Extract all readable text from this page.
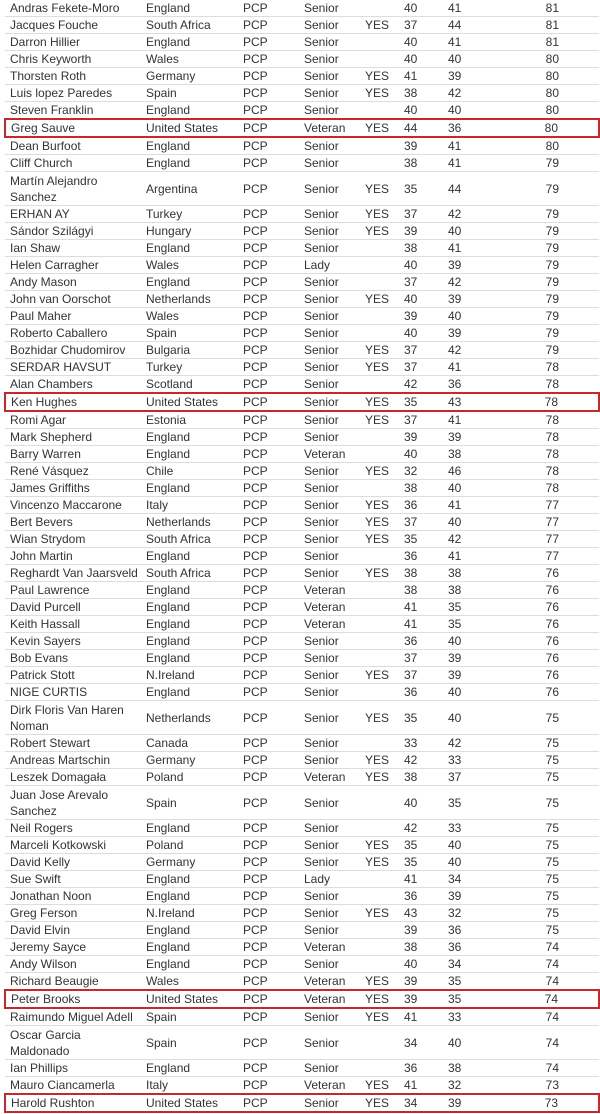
Andras Fekete-Moro	England	PCP	Senior		40	41	81
Jacques Fouche	South Africa	PCP	Senior	YES	37	44	81
Darron Hillier	England	PCP	Senior		40	41	81
Chris Keyworth	Wales	PCP	Senior		40	40	80
Thorsten Roth	Germany	PCP	Senior	YES	41	39	80
Luis lopez Paredes	Spain	PCP	Senior	YES	38	42	80
Steven Franklin	England	PCP	Senior		40	40	80
Greg Sauve	United States	PCP	Veteran	YES	44	36	80
Dean Burfoot	England	PCP	Senior		39	41	80
Cliff Church	England	PCP	Senior		38	41	79
Martín Alejandro Sanchez	Argentina	PCP	Senior	YES	35	44	79
ERHAN AY	Turkey	PCP	Senior	YES	37	42	79
Sándor Szilágyi	Hungary	PCP	Senior	YES	39	40	79
Ian Shaw	England	PCP	Senior		38	41	79
Helen Carragher	Wales	PCP	Lady		40	39	79
Andy Mason	England	PCP	Senior		37	42	79
John van Oorschot	Netherlands	PCP	Senior	YES	40	39	79
Paul Maher	Wales	PCP	Senior		39	40	79
Roberto Caballero	Spain	PCP	Senior		40	39	79
Bozhidar Chudomirov	Bulgaria	PCP	Senior	YES	37	42	79
SERDAR HAVSUT	Turkey	PCP	Senior	YES	37	41	78
Alan Chambers	Scotland	PCP	Senior		42	36	78
Ken Hughes	United States	PCP	Senior	YES	35	43	78
Romi Agar	Estonia	PCP	Senior	YES	37	41	78
Mark Shepherd	England	PCP	Senior		39	39	78
Barry Warren	England	PCP	Veteran		40	38	78
René Vásquez	Chile	PCP	Senior	YES	32	46	78
James Griffiths	England	PCP	Senior		38	40	78
Vincenzo Maccarone	Italy	PCP	Senior	YES	36	41	77
Bert Bevers	Netherlands	PCP	Senior	YES	37	40	77
Wian Strydom	South Africa	PCP	Senior	YES	35	42	77
John Martin	England	PCP	Senior		36	41	77
Reghardt Van Jaarsveld	South Africa	PCP	Senior	YES	38	38	76
Paul Lawrence	England	PCP	Veteran		38	38	76
David Purcell	England	PCP	Veteran		41	35	76
Keith Hassall	England	PCP	Veteran		41	35	76
Kevin Sayers	England	PCP	Senior		36	40	76
Bob Evans	England	PCP	Senior		37	39	76
Patrick Stott	N.Ireland	PCP	Senior	YES	37	39	76
NIGE CURTIS	England	PCP	Senior		36	40	76
Dirk Floris Van Haren Noman	Netherlands	PCP	Senior	YES	35	40	75
Robert Stewart	Canada	PCP	Senior		33	42	75
Andreas Martschin	Germany	PCP	Senior	YES	42	33	75
Leszek Domagała	Poland	PCP	Veteran	YES	38	37	75
Juan Jose Arevalo Sanchez	Spain	PCP	Senior		40	35	75
Neil Rogers	England	PCP	Senior		42	33	75
Marceli Kotkowski	Poland	PCP	Senior	YES	35	40	75
David Kelly	Germany	PCP	Senior	YES	35	40	75
Sue Swift	England	PCP	Lady		41	34	75
Jonathan Noon	England	PCP	Senior		36	39	75
Greg Ferson	N.Ireland	PCP	Senior	YES	43	32	75
David Elvin	England	PCP	Senior		39	36	75
Jeremy Sayce	England	PCP	Veteran		38	36	74
Andy Wilson	England	PCP	Senior		40	34	74
Richard Beaugie	Wales	PCP	Veteran	YES	39	35	74
Peter Brooks	United States	PCP	Veteran	YES	39	35	74
Raimundo Miguel Adell	Spain	PCP	Senior	YES	41	33	74
Oscar Garcia Maldonado	Spain	PCP	Senior		34	40	74
Ian Phillips	England	PCP	Senior		36	38	74
Mauro Ciancamerla	Italy	PCP	Veteran	YES	41	32	73
Harold Rushton	United States	PCP	Senior	YES	34	39	73
